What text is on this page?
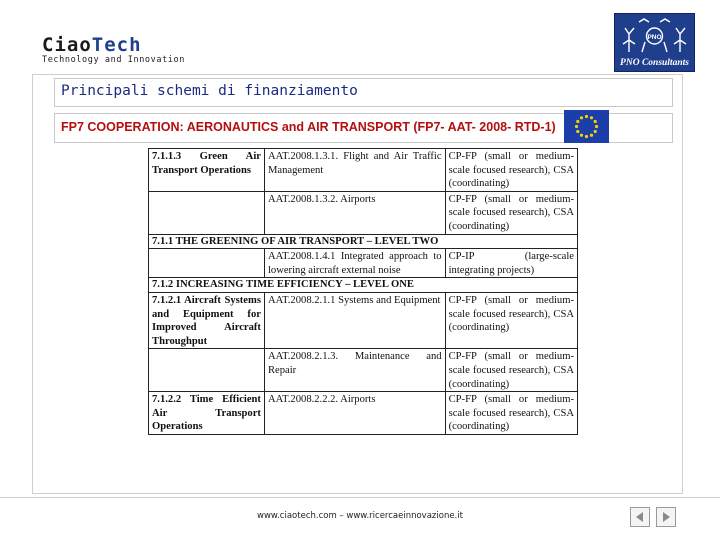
CiaoTech
Technology and Innovation
PNO
PNO Consultants
Principali schemi di finanziamento
FP7 COOPERATION: AERONAUTICS and AIR TRANSPORT (FP7- AAT- 2008- RTD-1)
7.1.1.3 Green Air Transport Operations	AAT.2008.1.3.1. Flight and Air Traffic Management	CP-FP (small or medium-scale focused research), CSA (coordinating)
	AAT.2008.1.3.2. Airports	CP-FP (small or medium-scale focused research), CSA (coordinating)
7.1.1 THE GREENING OF AIR TRANSPORT – LEVEL TWO		
	AAT.2008.1.4.1 Integrated approach to lowering aircraft external noise	CP-IP (large-scale integrating projects)
7.1.2 INCREASING TIME EFFICIENCY – LEVEL ONE		
7.1.2.1 Aircraft Systems and Equipment for Improved Aircraft Throughput	AAT.2008.2.1.1 Systems and Equipment	CP-FP (small or medium-scale focused research), CSA (coordinating)
	AAT.2008.2.1.3. Maintenance and Repair	CP-FP (small or medium-scale focused research), CSA (coordinating)
7.1.2.2 Time Efficient Air Transport Operations	AAT.2008.2.2.2. Airports	CP-FP (small or medium-scale focused research), CSA (coordinating)
www.ciaotech.com – www.ricercaeinnovazione.it
